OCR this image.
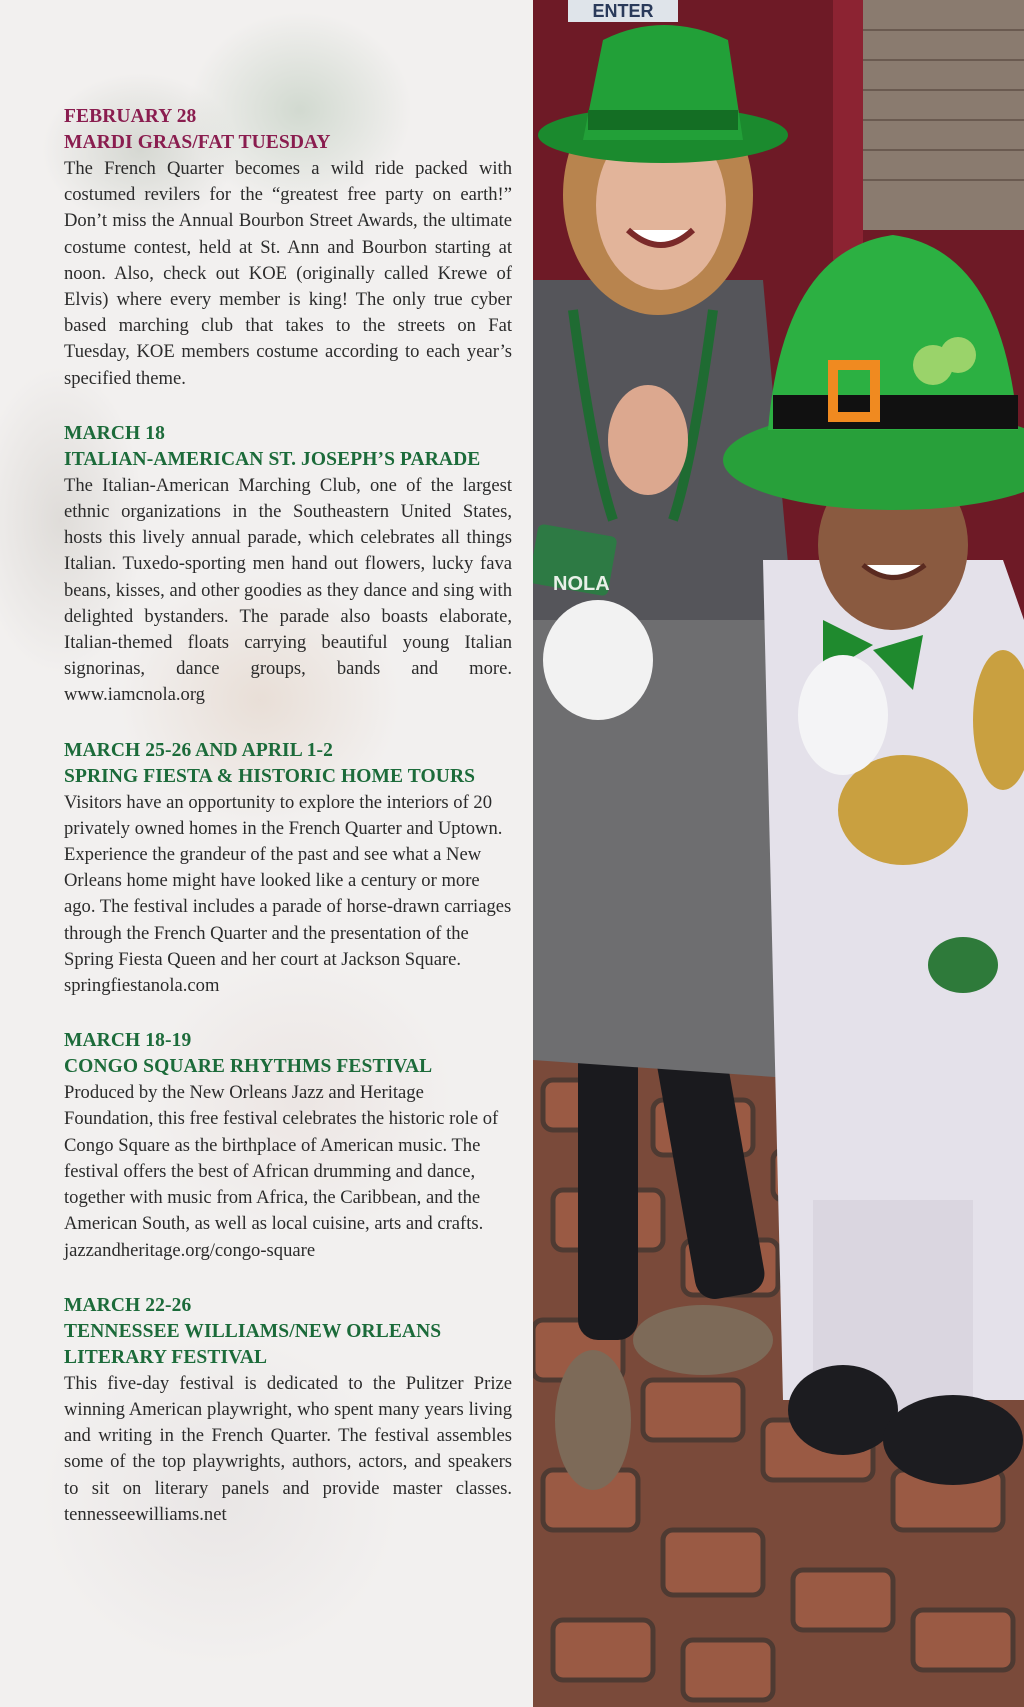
FEBRUARY 28
MARDI GRAS/FAT TUESDAY
The French Quarter becomes a wild ride packed with costumed revilers for the “greatest free party on earth!” Don’t miss the Annual Bourbon Street Awards, the ultimate costume contest, held at St. Ann and Bourbon starting at noon. Also, check out KOE (originally called Krewe of Elvis) where every member is king! The only true cyber based marching club that takes to the streets on Fat Tuesday, KOE members costume according to each year’s specified theme.
MARCH 18
ITALIAN-AMERICAN ST. JOSEPH’S PARADE
The Italian-American Marching Club, one of the largest ethnic organizations in the Southeastern United States, hosts this lively annual parade, which celebrates all things Italian. Tuxedo-sporting men hand out flowers, lucky fava beans, kisses, and other goodies as they dance and sing with delighted bystanders. The parade also boasts elaborate, Italian-themed floats carrying beautiful young Italian signorinas, dance groups, bands and more. www.iamcnola.org
MARCH 25-26 AND APRIL 1-2
SPRING FIESTA & HISTORIC HOME TOURS
Visitors have an opportunity to explore the interiors of 20 privately owned homes in the French Quarter and Uptown. Experience the grandeur of the past and see what a New Orleans home might have looked like a century or more ago. The festival includes a parade of horse-drawn carriages through the French Quarter and the presentation of the Spring Fiesta Queen and her court at Jackson Square. springfiestanola.com
MARCH 18-19
CONGO SQUARE RHYTHMS FESTIVAL
Produced by the New Orleans Jazz and Heritage Foundation, this free festival celebrates the historic role of Congo Square as the birthplace of American music. The festival offers the best of African drumming and dance, together with music from Africa, the Caribbean, and the American South, as well as local cuisine, arts and crafts. jazzandheritage.org/congo-square
MARCH 22-26
TENNESSEE WILLIAMS/NEW ORLEANS LITERARY FESTIVAL
This five-day festival is dedicated to the Pulitzer Prize winning American playwright, who spent many years living and writing in the French Quarter. The festival assembles some of the top playwrights, authors, actors, and speakers to sit on literary panels and provide master classes. tennesseewilliams.net
ENTER
NOLA
